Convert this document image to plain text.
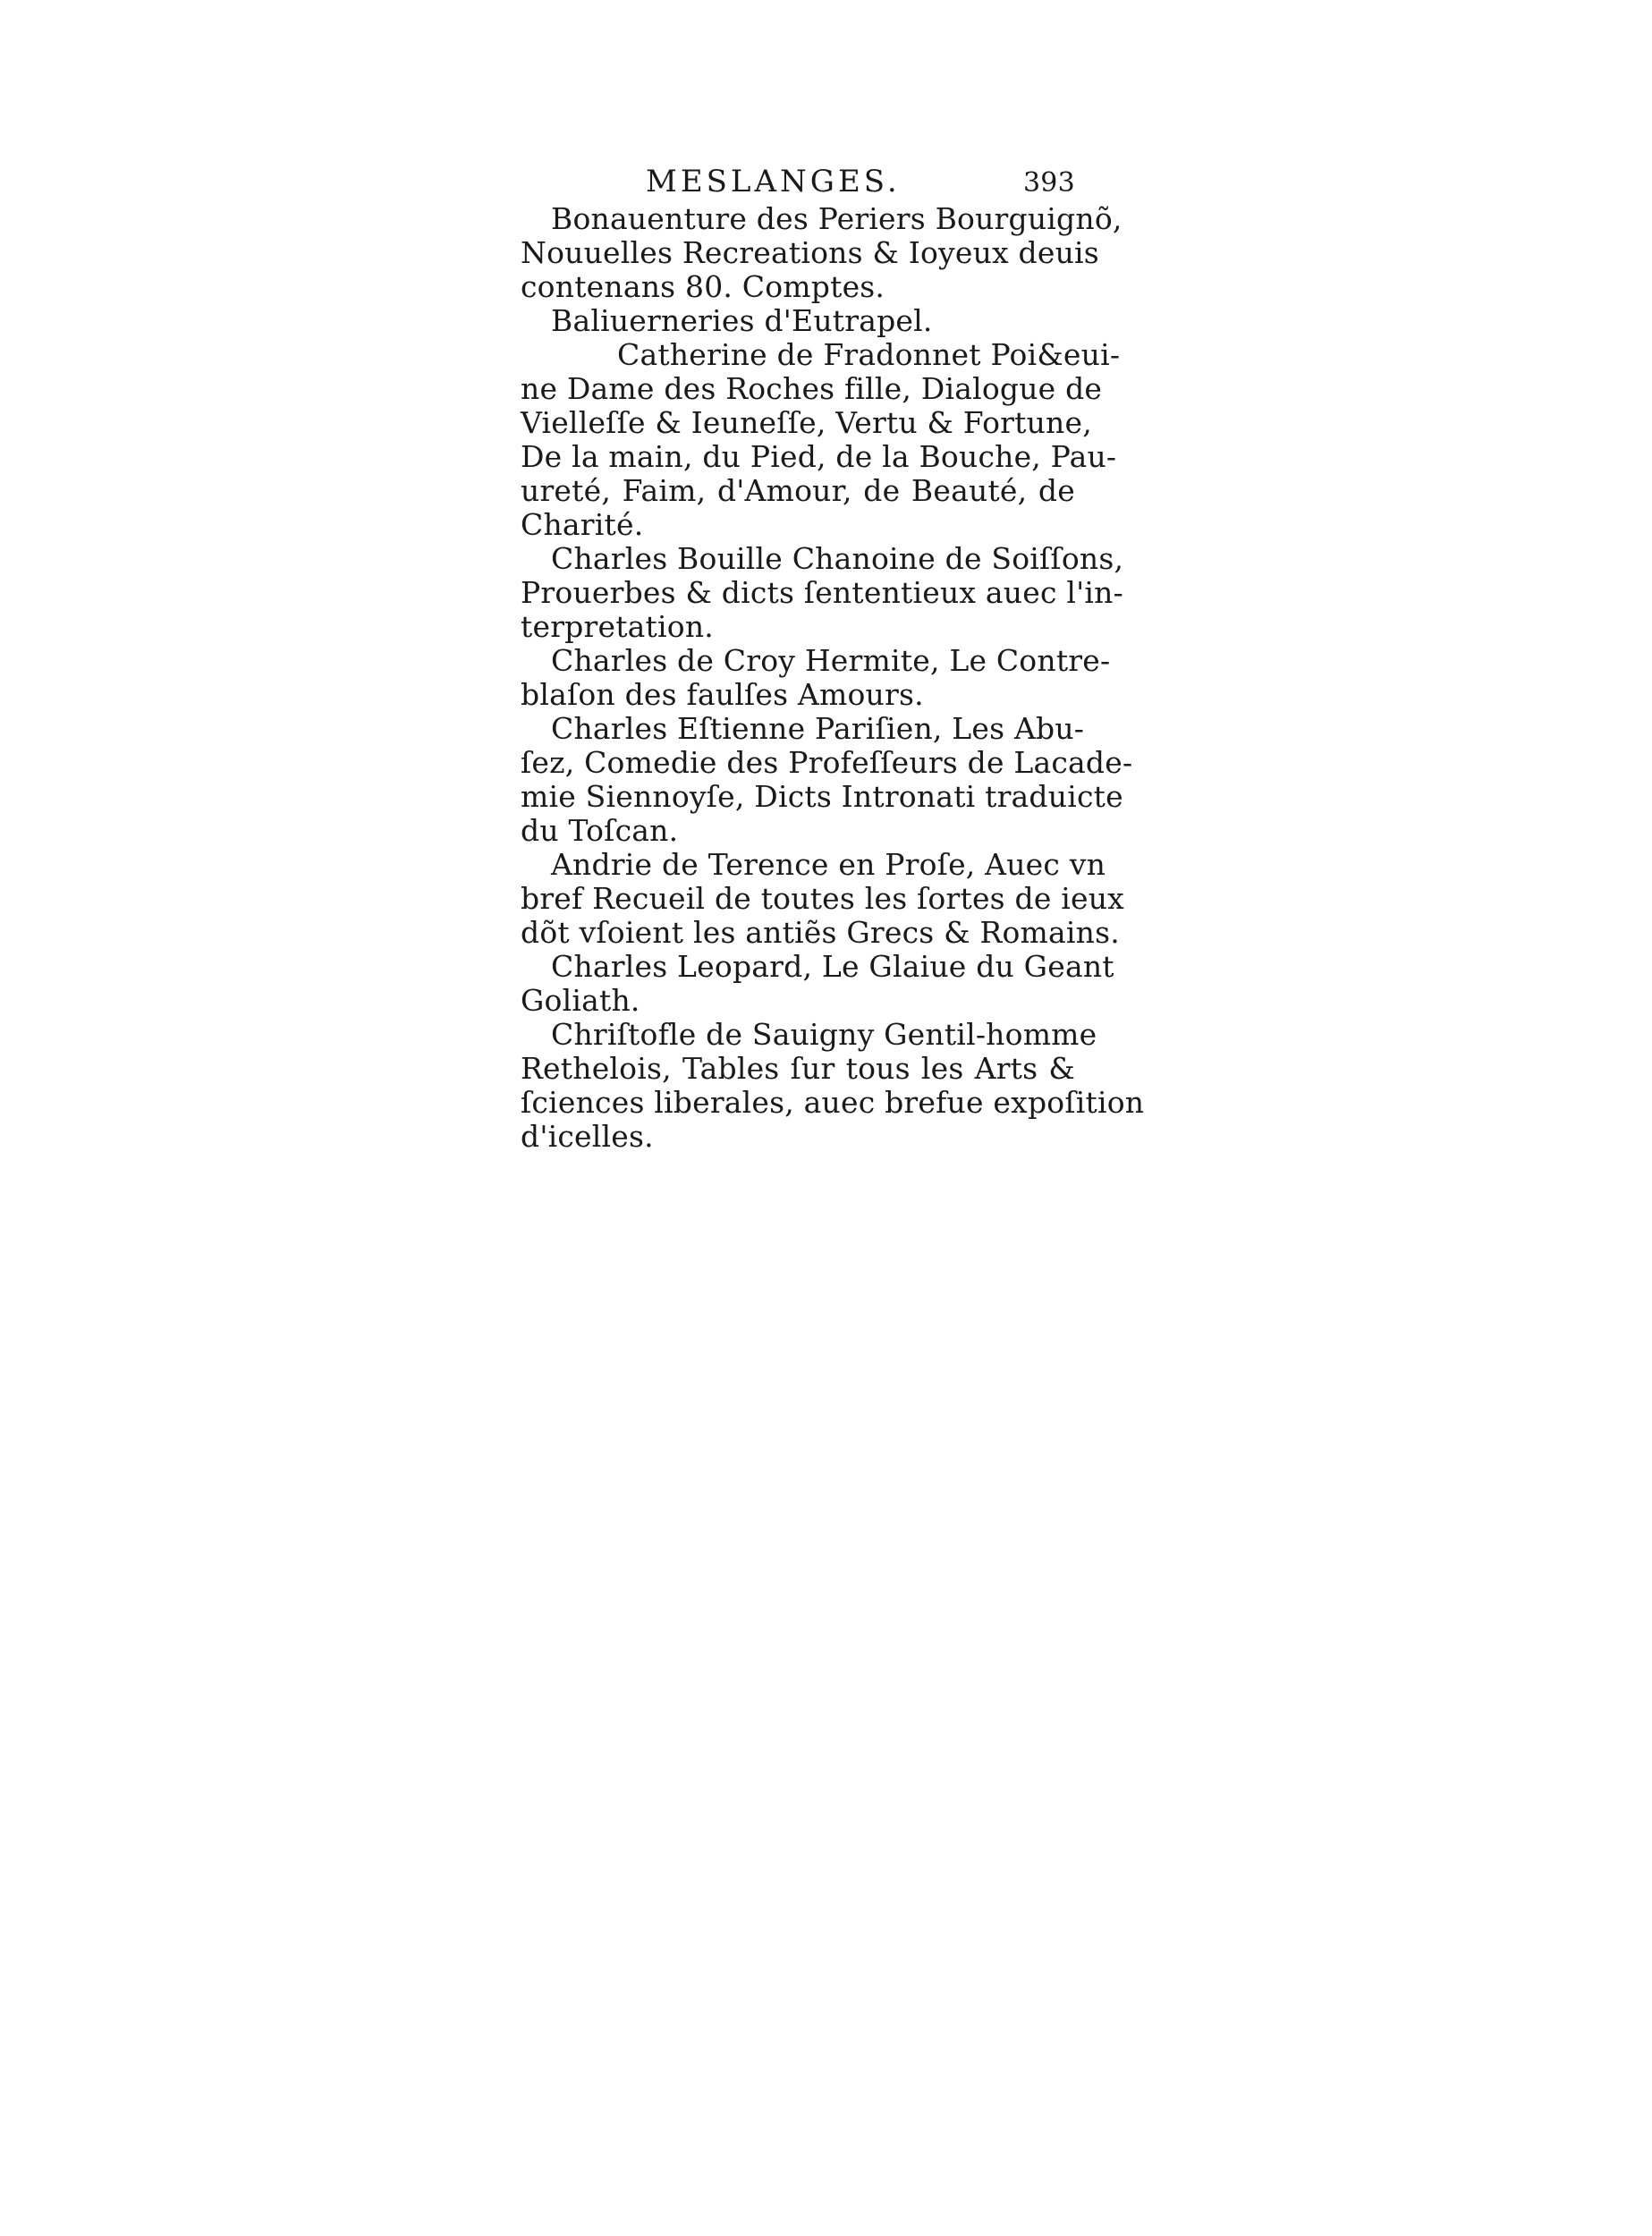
MESLANGES.	393
Bonauenture des Periers Bourguignõ,
Nouuelles Recreations & Ioyeux deuis
contenans 80. Comptes.
Baliuerneries d'Eutrapel.
Catherine de Fradonnet Poi&eui-
ne Dame des Roches fille, Dialogue de
Vielleſſe & Ieuneſſe, Vertu & Fortune,
De la main, du Pied, de la Bouche, Pau-
ureté, Faim, d'Amour, de Beauté, de
Charité.
Charles Bouille Chanoine de Soiſſons,
Prouerbes & dicts ſententieux auec l'in-
terpretation.
Charles de Croy Hermite, Le Contre-
blaſon des faulſes Amours.
Charles Eſtienne Pariſien, Les Abu-
ſez, Comedie des Profeſſeurs de Lacade-
mie Siennoyſe, Dicts Intronati traduicte
du Toſcan.
Andrie de Terence en Proſe, Auec vn
bref Recueil de toutes les ſortes de ieux
dõt vſoient les antiẽs Grecs & Romains.
Charles Leopard, Le Glaiue du Geant
Goliath.
Chriſtofle de Sauigny Gentil-homme
Rethelois, Tables ſur tous les Arts &
ſciences liberales, auec brefue expoſition
d'icelles.
